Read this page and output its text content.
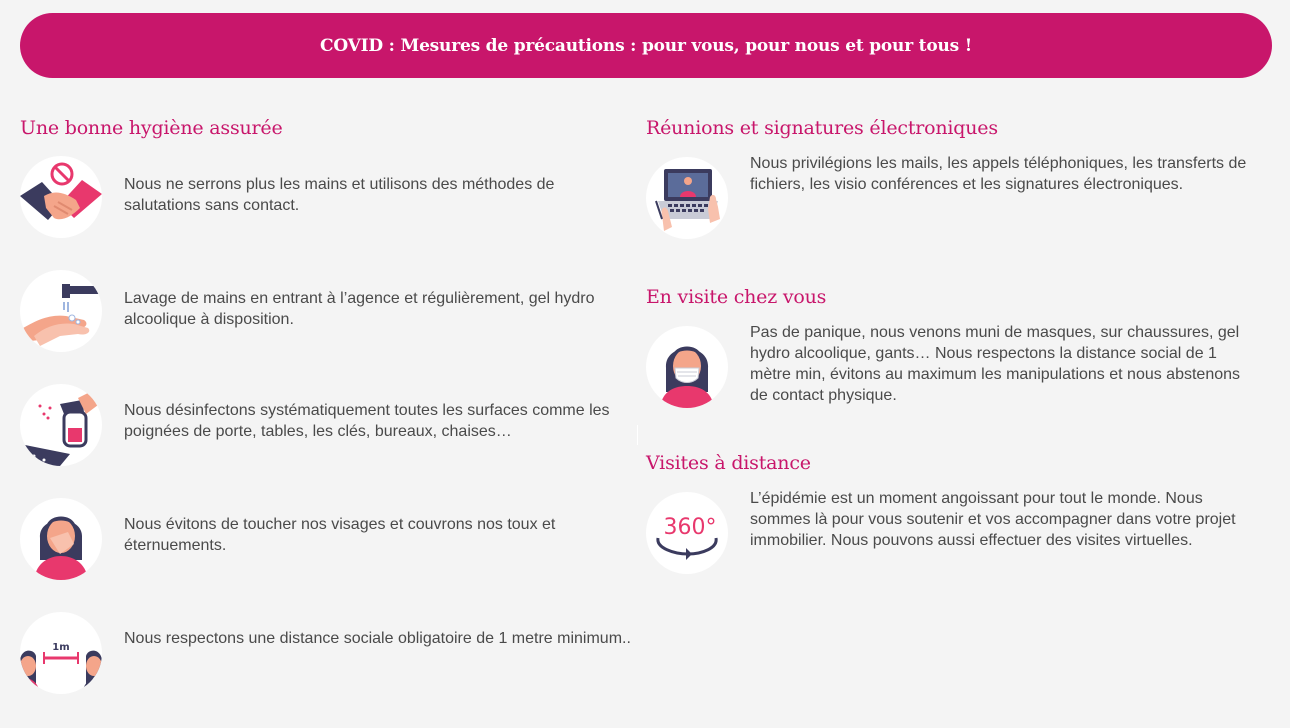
COVID : Mesures de précautions : pour vous, pour nous et pour tous !
Une bonne hygiène assurée
Nous ne serrons plus les mains et utilisons des méthodes de salutations sans contact.
Lavage de mains en entrant à l’agence et régulièrement, gel hydro alcoolique à disposition.
Nous désinfectons systématiquement toutes les surfaces comme les poignées de porte, tables, les clés, bureaux, chaises…
Nous évitons de toucher nos visages et couvrons nos toux et éternuements.
1m
Nous respectons une distance sociale obligatoire de 1 metre minimum..
Réunions et signatures électroniques
Nous privilégions les mails, les appels téléphoniques, les transferts de fichiers, les visio conférences et les signatures électroniques.
En visite chez vous
Pas de panique, nous venons muni de masques, sur chaussures, gel hydro alcoolique, gants… Nous respectons la distance social de 1 mètre min, évitons au maximum les manipulations et nous abstenons de contact physique.
Visites à distance
360°
L’épidémie est un moment angoissant pour tout le monde. Nous sommes là pour vous soutenir et vos accompagner dans votre projet immobilier. Nous pouvons aussi effectuer des visites virtuelles.
